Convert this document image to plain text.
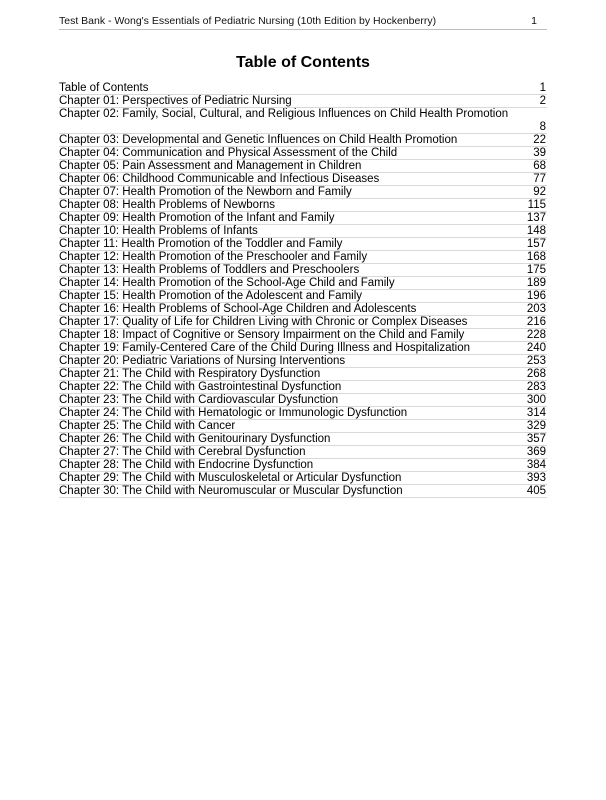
Test Bank - Wong's Essentials of Pediatric Nursing (10th Edition by Hockenberry)	1
Table of Contents
Table of Contents	1
Chapter 01: Perspectives of Pediatric Nursing	2
Chapter 02: Family, Social, Cultural, and Religious Influences on Child Health Promotion
8
Chapter 03: Developmental and Genetic Influences on Child Health Promotion	22
Chapter 04: Communication and Physical Assessment of the Child	39
Chapter 05: Pain Assessment and Management in Children	68
Chapter 06: Childhood Communicable and Infectious Diseases	77
Chapter 07: Health Promotion of the Newborn and Family	92
Chapter 08: Health Problems of Newborns	115
Chapter 09: Health Promotion of the Infant and Family	137
Chapter 10: Health Problems of Infants	148
Chapter 11: Health Promotion of the Toddler and Family	157
Chapter 12: Health Promotion of the Preschooler and Family	168
Chapter 13: Health Problems of Toddlers and Preschoolers	175
Chapter 14: Health Promotion of the School-Age Child and Family	189
Chapter 15: Health Promotion of the Adolescent and Family	196
Chapter 16: Health Problems of School-Age Children and Adolescents	203
Chapter 17: Quality of Life for Children Living with Chronic or Complex Diseases	216
Chapter 18: Impact of Cognitive or Sensory Impairment on the Child and Family	228
Chapter 19: Family-Centered Care of the Child During Illness and Hospitalization	240
Chapter 20: Pediatric Variations of Nursing Interventions	253
Chapter 21: The Child with Respiratory Dysfunction	268
Chapter 22: The Child with Gastrointestinal Dysfunction	283
Chapter 23: The Child with Cardiovascular Dysfunction	300
Chapter 24: The Child with Hematologic or Immunologic Dysfunction	314
Chapter 25: The Child with Cancer	329
Chapter 26: The Child with Genitourinary Dysfunction	357
Chapter 27: The Child with Cerebral Dysfunction	369
Chapter 28: The Child with Endocrine Dysfunction	384
Chapter 29: The Child with Musculoskeletal or Articular Dysfunction	393
Chapter 30: The Child with Neuromuscular or Muscular Dysfunction	405
